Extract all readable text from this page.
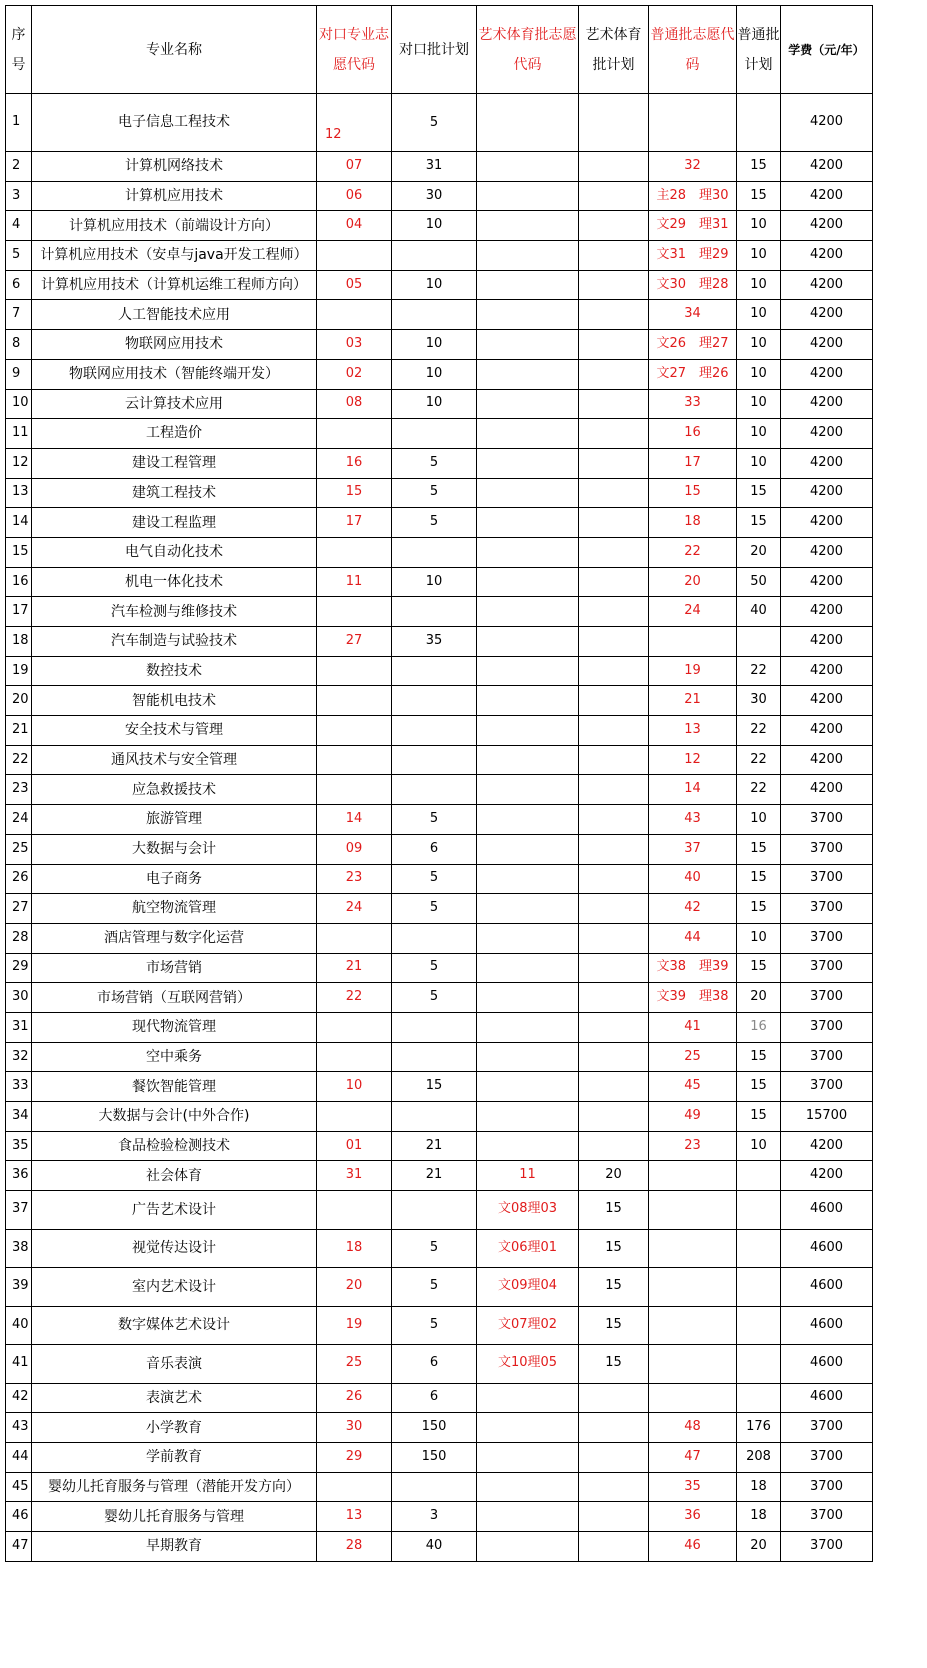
序号	专业名称	对口专业志愿代码	对口批计划	艺术体育批志愿代码	艺术体育批计划	普通批志愿代码	普通批计划	学费（元/年）
1	电子信息工程技术	12	5					4200
2	计算机网络技术	07	31			32	15	4200
3	计算机应用技术	06	30			主28　理30	15	4200
4	计算机应用技术（前端设计方向）	04	10			文29　理31	10	4200
5	计算机应用技术（安卓与java开发工程师）					文31　理29	10	4200
6	计算机应用技术（计算机运维工程师方向）	05	10			文30　理28	10	4200
7	人工智能技术应用					34	10	4200
8	物联网应用技术	03	10			文26　理27	10	4200
9	物联网应用技术（智能终端开发）	02	10			文27　理26	10	4200
10	云计算技术应用	08	10			33	10	4200
11	工程造价					16	10	4200
12	建设工程管理	16	5			17	10	4200
13	建筑工程技术	15	5			15	15	4200
14	建设工程监理	17	5			18	15	4200
15	电气自动化技术					22	20	4200
16	机电一体化技术	11	10			20	50	4200
17	汽车检测与维修技术					24	40	4200
18	汽车制造与试验技术	27	35					4200
19	数控技术					19	22	4200
20	智能机电技术					21	30	4200
21	安全技术与管理					13	22	4200
22	通风技术与安全管理					12	22	4200
23	应急救援技术					14	22	4200
24	旅游管理	14	5			43	10	3700
25	大数据与会计	09	6			37	15	3700
26	电子商务	23	5			40	15	3700
27	航空物流管理	24	5			42	15	3700
28	酒店管理与数字化运营					44	10	3700
29	市场营销	21	5			文38　理39	15	3700
30	市场营销（互联网营销）	22	5			文39　理38	20	3700
31	现代物流管理					41	16	3700
32	空中乘务					25	15	3700
33	餐饮智能管理	10	15			45	15	3700
34	大数据与会计(中外合作)					49	15	15700
35	食品检验检测技术	01	21			23	10	4200
36	社会体育	31	21	11	20			4200
37	广告艺术设计			文08理03	15			4600
38	视觉传达设计	18	5	文06理01	15			4600
39	室内艺术设计	20	5	文09理04	15			4600
40	数字媒体艺术设计	19	5	文07理02	15			4600
41	音乐表演	25	6	文10理05	15			4600
42	表演艺术	26	6					4600
43	小学教育	30	150			48	176	3700
44	学前教育	29	150			47	208	3700
45	婴幼儿托育服务与管理（潜能开发方向）					35	18	3700
46	婴幼儿托育服务与管理	13	3			36	18	3700
47	早期教育	28	40			46	20	3700
